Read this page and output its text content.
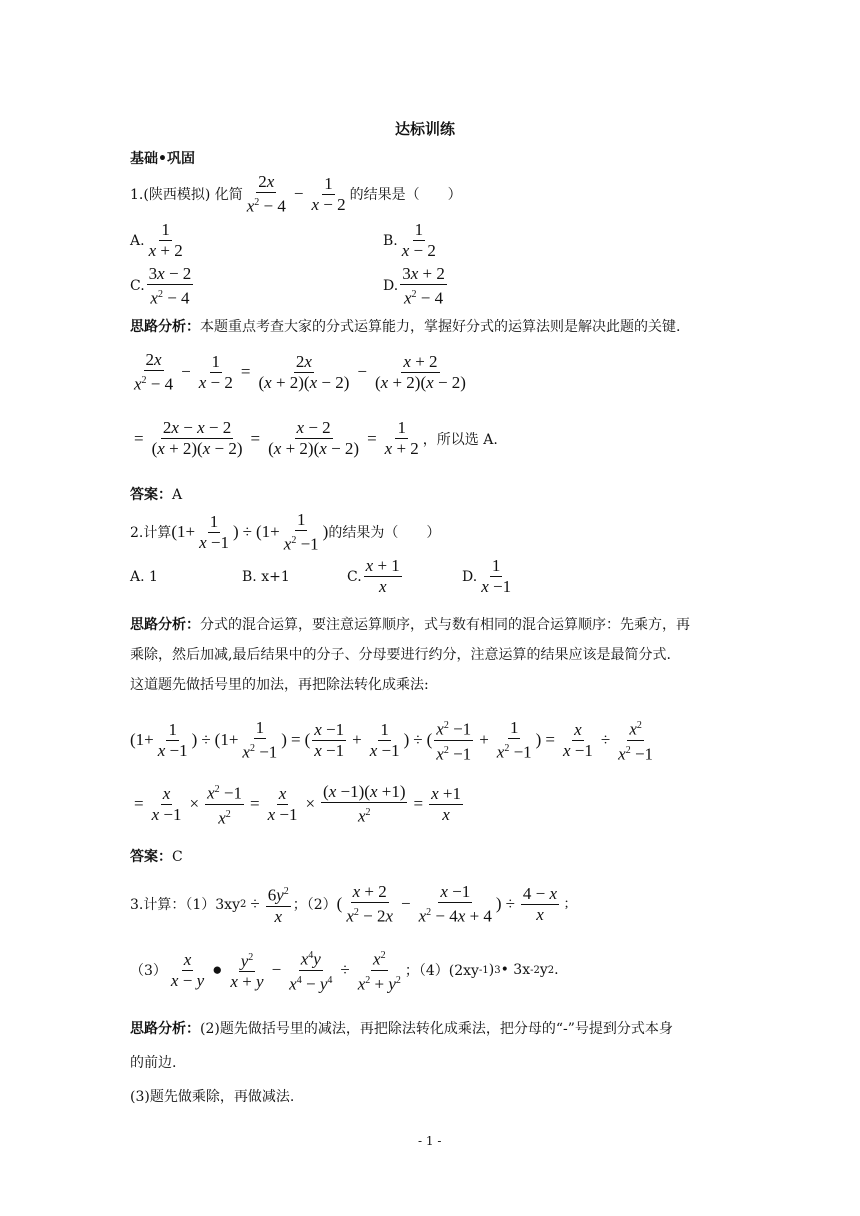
达标训练
基础•巩固
1.(陕西模拟) 化简
2x
$x^2 - 4$
− $\frac{1}{x - 2}$ 的结果是（　　）
A.
1
x + 2
B.
1
x − 2
C.
3x − 2
$x^2 - 4$
D.
3x + 2
$x^2 - 4$
思路分析：本题重点考查大家的分式运算能力，掌握好分式的运算法则是解决此题的关键.
2x
$x^2 - 4$
− $\frac{1}{x - 2} = \frac{2x}{(x + 2)(x - 2)} - \frac{x + 2}{(x + 2)(x - 2)}$
= $\frac{2x - x - 2}{(x + 2)(x - 2)} = \frac{x - 2}{(x + 2)(x - 2)} = \frac{1}{x + 2}$ ，所以选 A.
答案：A
2.计算 ($1+ \frac{1}{x -1}$ ) ÷ ($1+ \frac{1}{x^2 -1}$ ) 的结果为（　　）
A. 1	B. x+1	C.
x + 1
x
D.
1
x −1
思路分析：分式的混合运算，要注意运算顺序，式与数有相同的混合运算顺序：先乘方，再
乘除，然后加减,最后结果中的分子、分母要进行约分，注意运算的结果应该是最简分式.
这道题先做括号里的加法，再把除法转化成乘法:
($1+ \frac{1}{x -1}$ ) ÷ ($1+ \frac{1}{x^2 -1}$ ) = (
x −1
x −1
+ $\frac{1}{x -1}$ ) ÷ (
$x^2 -1$
$x^2 -1$
+ $\frac{1}{x^2 -1}$ ) = $\frac{x}{x -1} \div \frac{x^2}{x^2 -1}$
= $\frac{x}{x -1} \times \frac{x^2 -1}{x^2} = \frac{x}{x -1} \times \frac{(x -1)(x +1)}{x^2} = \frac{x +1}{x}$
答案：C
3.计算：（1）3xy $2 \div \frac{6y^2}{x}$ ；（2） (
x + 2
$x^2 - 2x$
− $\frac{x -1}{x^2 - 4x + 4}$ ) ÷ $\frac{4 - x}{x}$ ;
（3）
x
x − y
● $y^2$
x + y
− $\frac{x^4y}{x^4 - y^4} \div \frac{x^2}{x^2 + y^2}$ ；（4）(2xy -1 ) 3 • 3x -2 y 2 .
思路分析：(2)题先做括号里的减法，再把除法转化成乘法，把分母的“-”号提到分式本身
的前边.
(3)题先做乘除，再做减法.
- 1 -
